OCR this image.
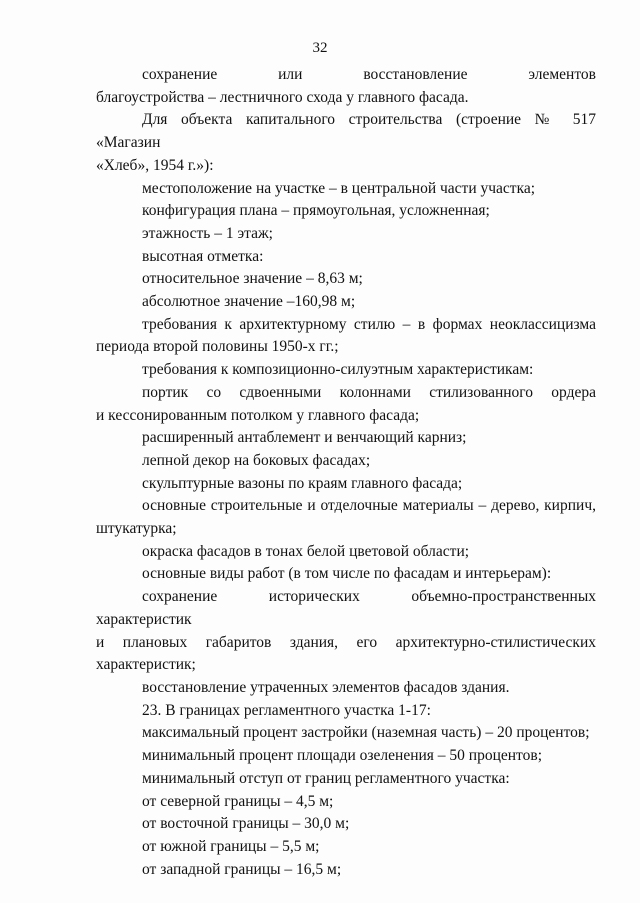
32
сохранение или восстановление элементов
благоустройства – лестничного схода у главного фасада.
Для объекта капитального строительства (строение № 517 «Магазин
«Хлеб», 1954 г.»):
местоположение на участке – в центральной части участка;
конфигурация плана – прямоугольная, усложненная;
этажность – 1 этаж;
высотная отметка:
относительное значение – 8,63 м;
абсолютное значение –160,98 м;
требования к архитектурному стилю – в формах неоклассицизма
периода второй половины 1950-х гг.;
требования к композиционно-силуэтным характеристикам:
портик со сдвоенными колоннами стилизованного ордера
и кессонированным потолком у главного фасада;
расширенный антаблемент и венчающий карниз;
лепной декор на боковых фасадах;
скульптурные вазоны по краям главного фасада;
основные строительные и отделочные материалы – дерево, кирпич,
штукатурка;
окраска фасадов в тонах белой цветовой области;
основные виды работ (в том числе по фасадам и интерьерам):
сохранение исторических объемно-пространственных характеристик
и плановых габаритов здания, его архитектурно-стилистических
характеристик;
восстановление утраченных элементов фасадов здания.
23. В границах регламентного участка 1-17:
максимальный процент застройки (наземная часть) – 20 процентов;
минимальный процент площади озеленения – 50 процентов;
минимальный отступ от границ регламентного участка:
от северной границы – 4,5 м;
от восточной границы – 30,0 м;
от южной границы – 5,5 м;
от западной границы – 16,5 м;
